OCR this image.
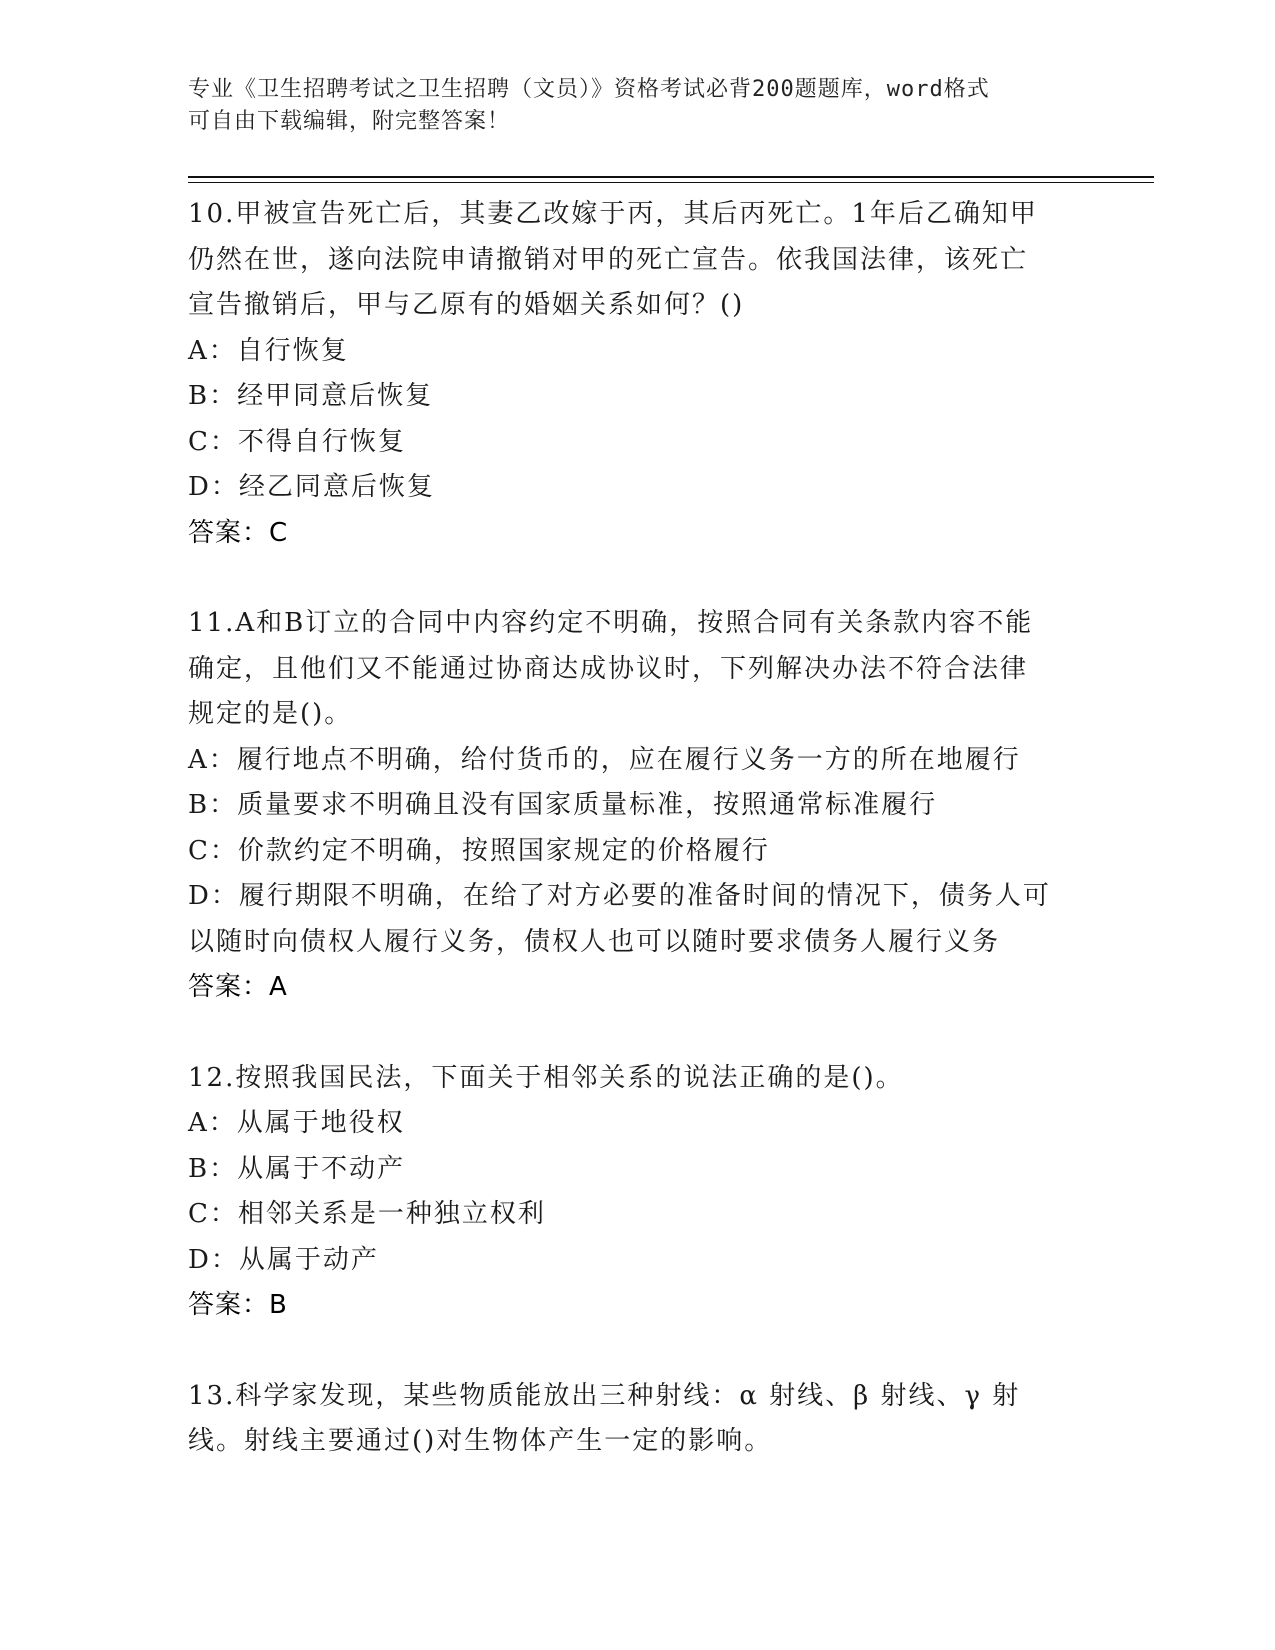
专业《卫生招聘考试之卫生招聘（文员）》资格考试必背200题题库，word格式
可自由下载编辑，附完整答案！
10.甲被宣告死亡后，其妻乙改嫁于丙，其后丙死亡。1年后乙确知甲
仍然在世，遂向法院申请撤销对甲的死亡宣告。依我国法律，该死亡
宣告撤销后，甲与乙原有的婚姻关系如何？()
A：自行恢复
B：经甲同意后恢复
C：不得自行恢复
D：经乙同意后恢复
答案：C
11.A和B订立的合同中内容约定不明确，按照合同有关条款内容不能
确定，且他们又不能通过协商达成协议时，下列解决办法不符合法律
规定的是()。
A：履行地点不明确，给付货币的，应在履行义务一方的所在地履行
B：质量要求不明确且没有国家质量标准，按照通常标准履行
C：价款约定不明确，按照国家规定的价格履行
D：履行期限不明确，在给了对方必要的准备时间的情况下，债务人可
以随时向债权人履行义务，债权人也可以随时要求债务人履行义务
答案：A
12.按照我国民法，下面关于相邻关系的说法正确的是()。
A：从属于地役权
B：从属于不动产
C：相邻关系是一种独立权利
D：从属于动产
答案：B
13.科学家发现，某些物质能放出三种射线：α 射线、β 射线、γ 射
线。射线主要通过()对生物体产生一定的影响。
